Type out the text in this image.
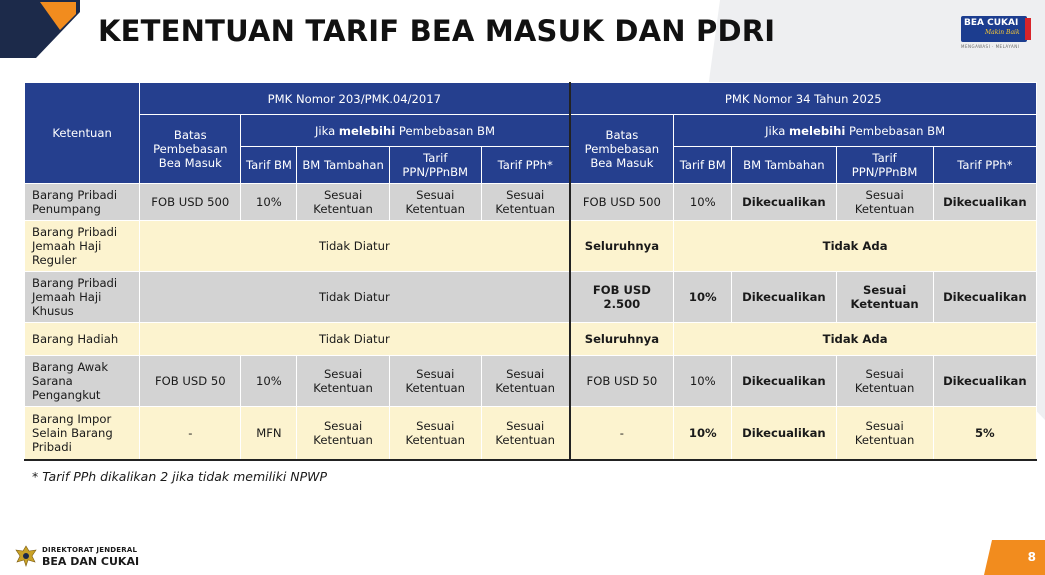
KETENTUAN TARIF BEA MASUK DAN PDRI	BEA CUKAI
Makin Baik
MENGAWASI · MELAYANI
Ketentuan	PMK Nomor 203/PMK.04/2017					PMK Nomor 34 Tahun 2025				
	Batas Pembebasan Bea Masuk	Jika melebihi Pembebasan BM				Batas Pembebasan Bea Masuk	Jika melebihi Pembebasan BM			
		Tarif BM	BM Tambahan	Tarif PPN/PPnBM	Tarif PPh*		Tarif BM	BM Tambahan	Tarif PPN/PPnBM	Tarif PPh*
Barang Pribadi Penumpang	FOB USD 500	10%	Sesuai Ketentuan	Sesuai Ketentuan	Sesuai Ketentuan	FOB USD 500	10%	Dikecualikan	Sesuai Ketentuan	Dikecualikan
Barang Pribadi Jemaah Haji Reguler	Tidak Diatur					Seluruhnya	Tidak Ada			
Barang Pribadi Jemaah Haji Khusus	Tidak Diatur					FOB USD 2.500	10%	Dikecualikan	Sesuai Ketentuan	Dikecualikan
Barang Hadiah	Tidak Diatur					Seluruhnya	Tidak Ada			
Barang Awak Sarana Pengangkut	FOB USD 50	10%	Sesuai Ketentuan	Sesuai Ketentuan	Sesuai Ketentuan	FOB USD 50	10%	Dikecualikan	Sesuai Ketentuan	Dikecualikan
Barang Impor Selain Barang Pribadi	-	MFN	Sesuai Ketentuan	Sesuai Ketentuan	Sesuai Ketentuan	-	10%	Dikecualikan	Sesuai Ketentuan	5%
* Tarif PPh dikalikan 2 jika tidak memiliki NPWP
DIREKTORAT JENDERAL
BEA DAN CUKAI	8
